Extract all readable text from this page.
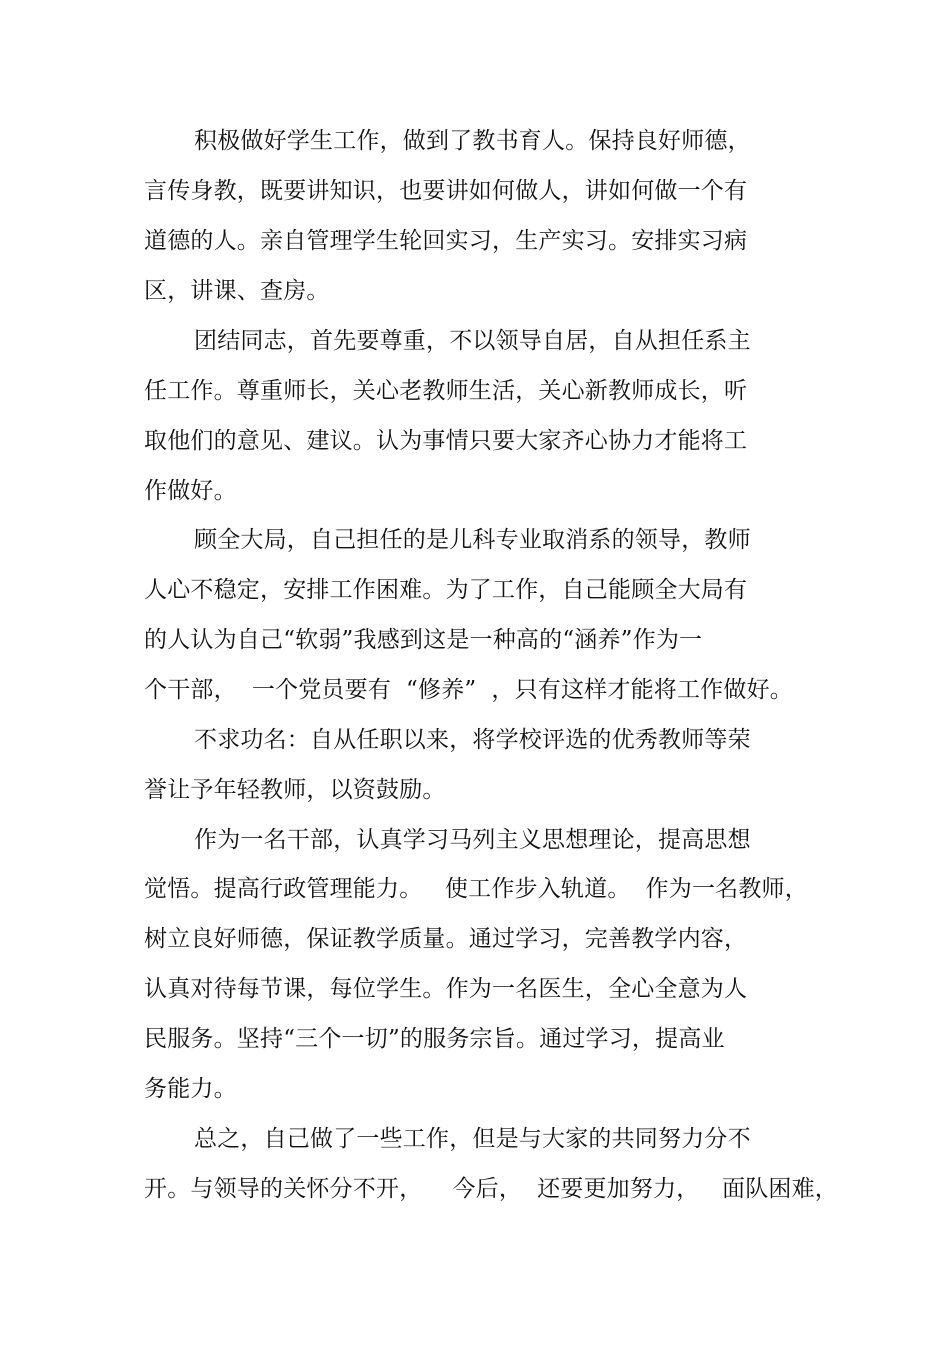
积极做好学生工作，做到了教书育人。保持良好师德，
言传身教，既要讲知识，也要讲如何做人，讲如何做一个有
道德的人。亲自管理学生轮回实习，生产实习。安排实习病
区，讲课、查房。
团结同志，首先要尊重，不以领导自居，自从担任系主
任工作。尊重师长，关心老教师生活，关心新教师成长，听
取他们的意见、建议。认为事情只要大家齐心协力才能将工
作做好。
顾全大局，自己担任的是儿科专业取消系的领导，教师
人心不稳定，安排工作困难。为了工作，自己能顾全大局有
的人认为自己“软弱”我感到这是一种高的“涵养”作为一
个干部，  一个党员要有  “修养”  ，只有这样才能将工作做好。
不求功名：自从任职以来，将学校评选的优秀教师等荣
誉让予年轻教师，以资鼓励。
作为一名干部，认真学习马列主义思想理论，提高思想
觉悟。提高行政管理能力。   使工作步入轨道。  作为一名教师，
树立良好师德，保证教学质量。通过学习，完善教学内容，
认真对待每节课，每位学生。作为一名医生，全心全意为人
民服务。坚持“三个一切”的服务宗旨。通过学习，提高业
务能力。
总之，自己做了一些工作，但是与大家的共同努力分不
开。与领导的关怀分不开，    今后，  还要更加努力，   面队困难，
